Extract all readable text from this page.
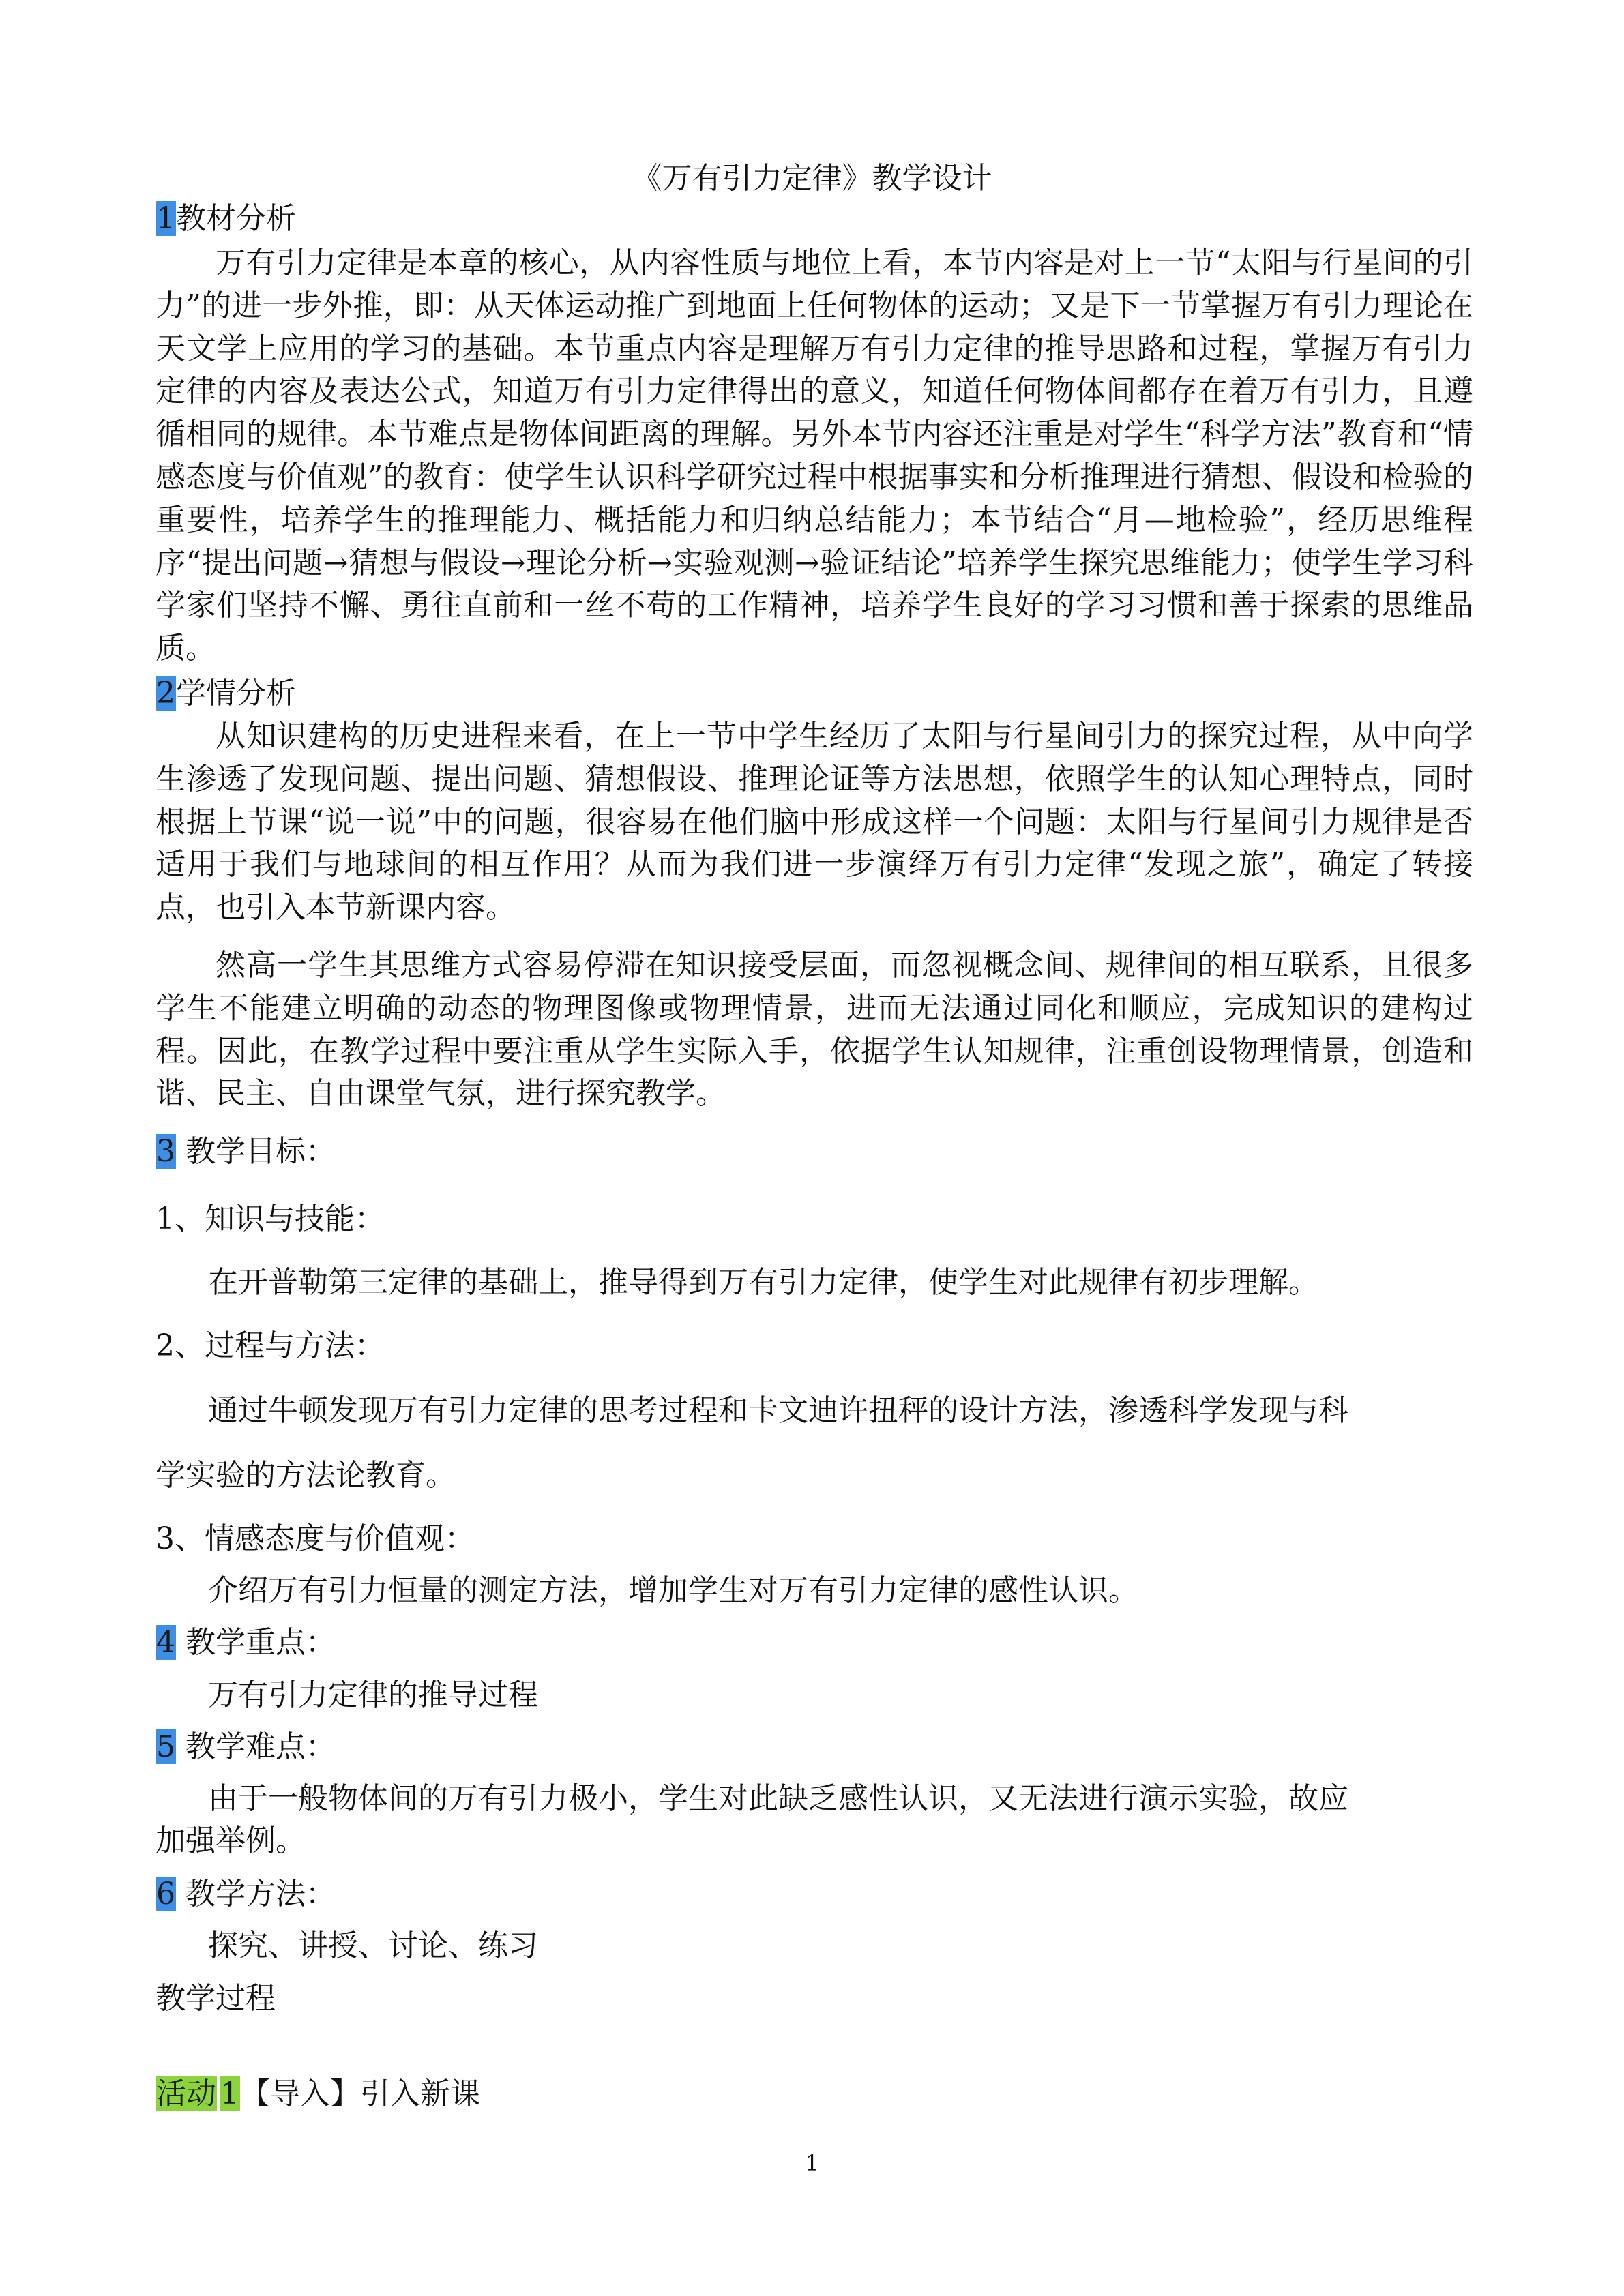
《万有引力定律》教学设计
1教材分析
万有引力定律是本章的核心，从内容性质与地位上看，本节内容是对上一节“太阳与行星间的引力”的进一步外推，即：从天体运动推广到地面上任何物体的运动；又是下一节掌握万有引力理论在天文学上应用的学习的基础。本节重点内容是理解万有引力定律的推导思路和过程，掌握万有引力定律的内容及表达公式，知道万有引力定律得出的意义，知道任何物体间都存在着万有引力，且遵循相同的规律。本节难点是物体间距离的理解。另外本节内容还注重是对学生“科学方法”教育和“情感态度与价值观”的教育：使学生认识科学研究过程中根据事实和分析推理进行猜想、假设和检验的重要性，培养学生的推理能力、概括能力和归纳总结能力；本节结合“月—地检验”，经历思维程序“提出问题→猜想与假设→理论分析→实验观测→验证结论”培养学生探究思维能力；使学生学习科学家们坚持不懈、勇往直前和一丝不苟的工作精神，培养学生良好的学习习惯和善于探索的思维品质。
2学情分析
从知识建构的历史进程来看，在上一节中学生经历了太阳与行星间引力的探究过程，从中向学生渗透了发现问题、提出问题、猜想假设、推理论证等方法思想，依照学生的认知心理特点，同时根据上节课“说一说”中的问题，很容易在他们脑中形成这样一个问题：太阳与行星间引力规律是否适用于我们与地球间的相互作用？从而为我们进一步演绎万有引力定律“发现之旅”，确定了转接点，也引入本节新课内容。
然高一学生其思维方式容易停滞在知识接受层面，而忽视概念间、规律间的相互联系，且很多学生不能建立明确的动态的物理图像或物理情景，进而无法通过同化和顺应，完成知识的建构过程。因此，在教学过程中要注重从学生实际入手，依据学生认知规律，注重创设物理情景，创造和谐、民主、自由课堂气氛，进行探究教学。
3 教学目标：
1、知识与技能：
在开普勒第三定律的基础上，推导得到万有引力定律，使学生对此规律有初步理解。
2、过程与方法：
通过牛顿发现万有引力定律的思考过程和卡文迪许扭秤的设计方法，渗透科学发现与科
学实验的方法论教育。
3、情感态度与价值观：
介绍万有引力恒量的测定方法，增加学生对万有引力定律的感性认识。
4 教学重点：
万有引力定律的推导过程
5 教学难点：
由于一般物体间的万有引力极小，学生对此缺乏感性认识，又无法进行演示实验，故应
加强举例。
6 教学方法：
探究、讲授、讨论、练习
教学过程
活动 1【导入】引入新课
1
